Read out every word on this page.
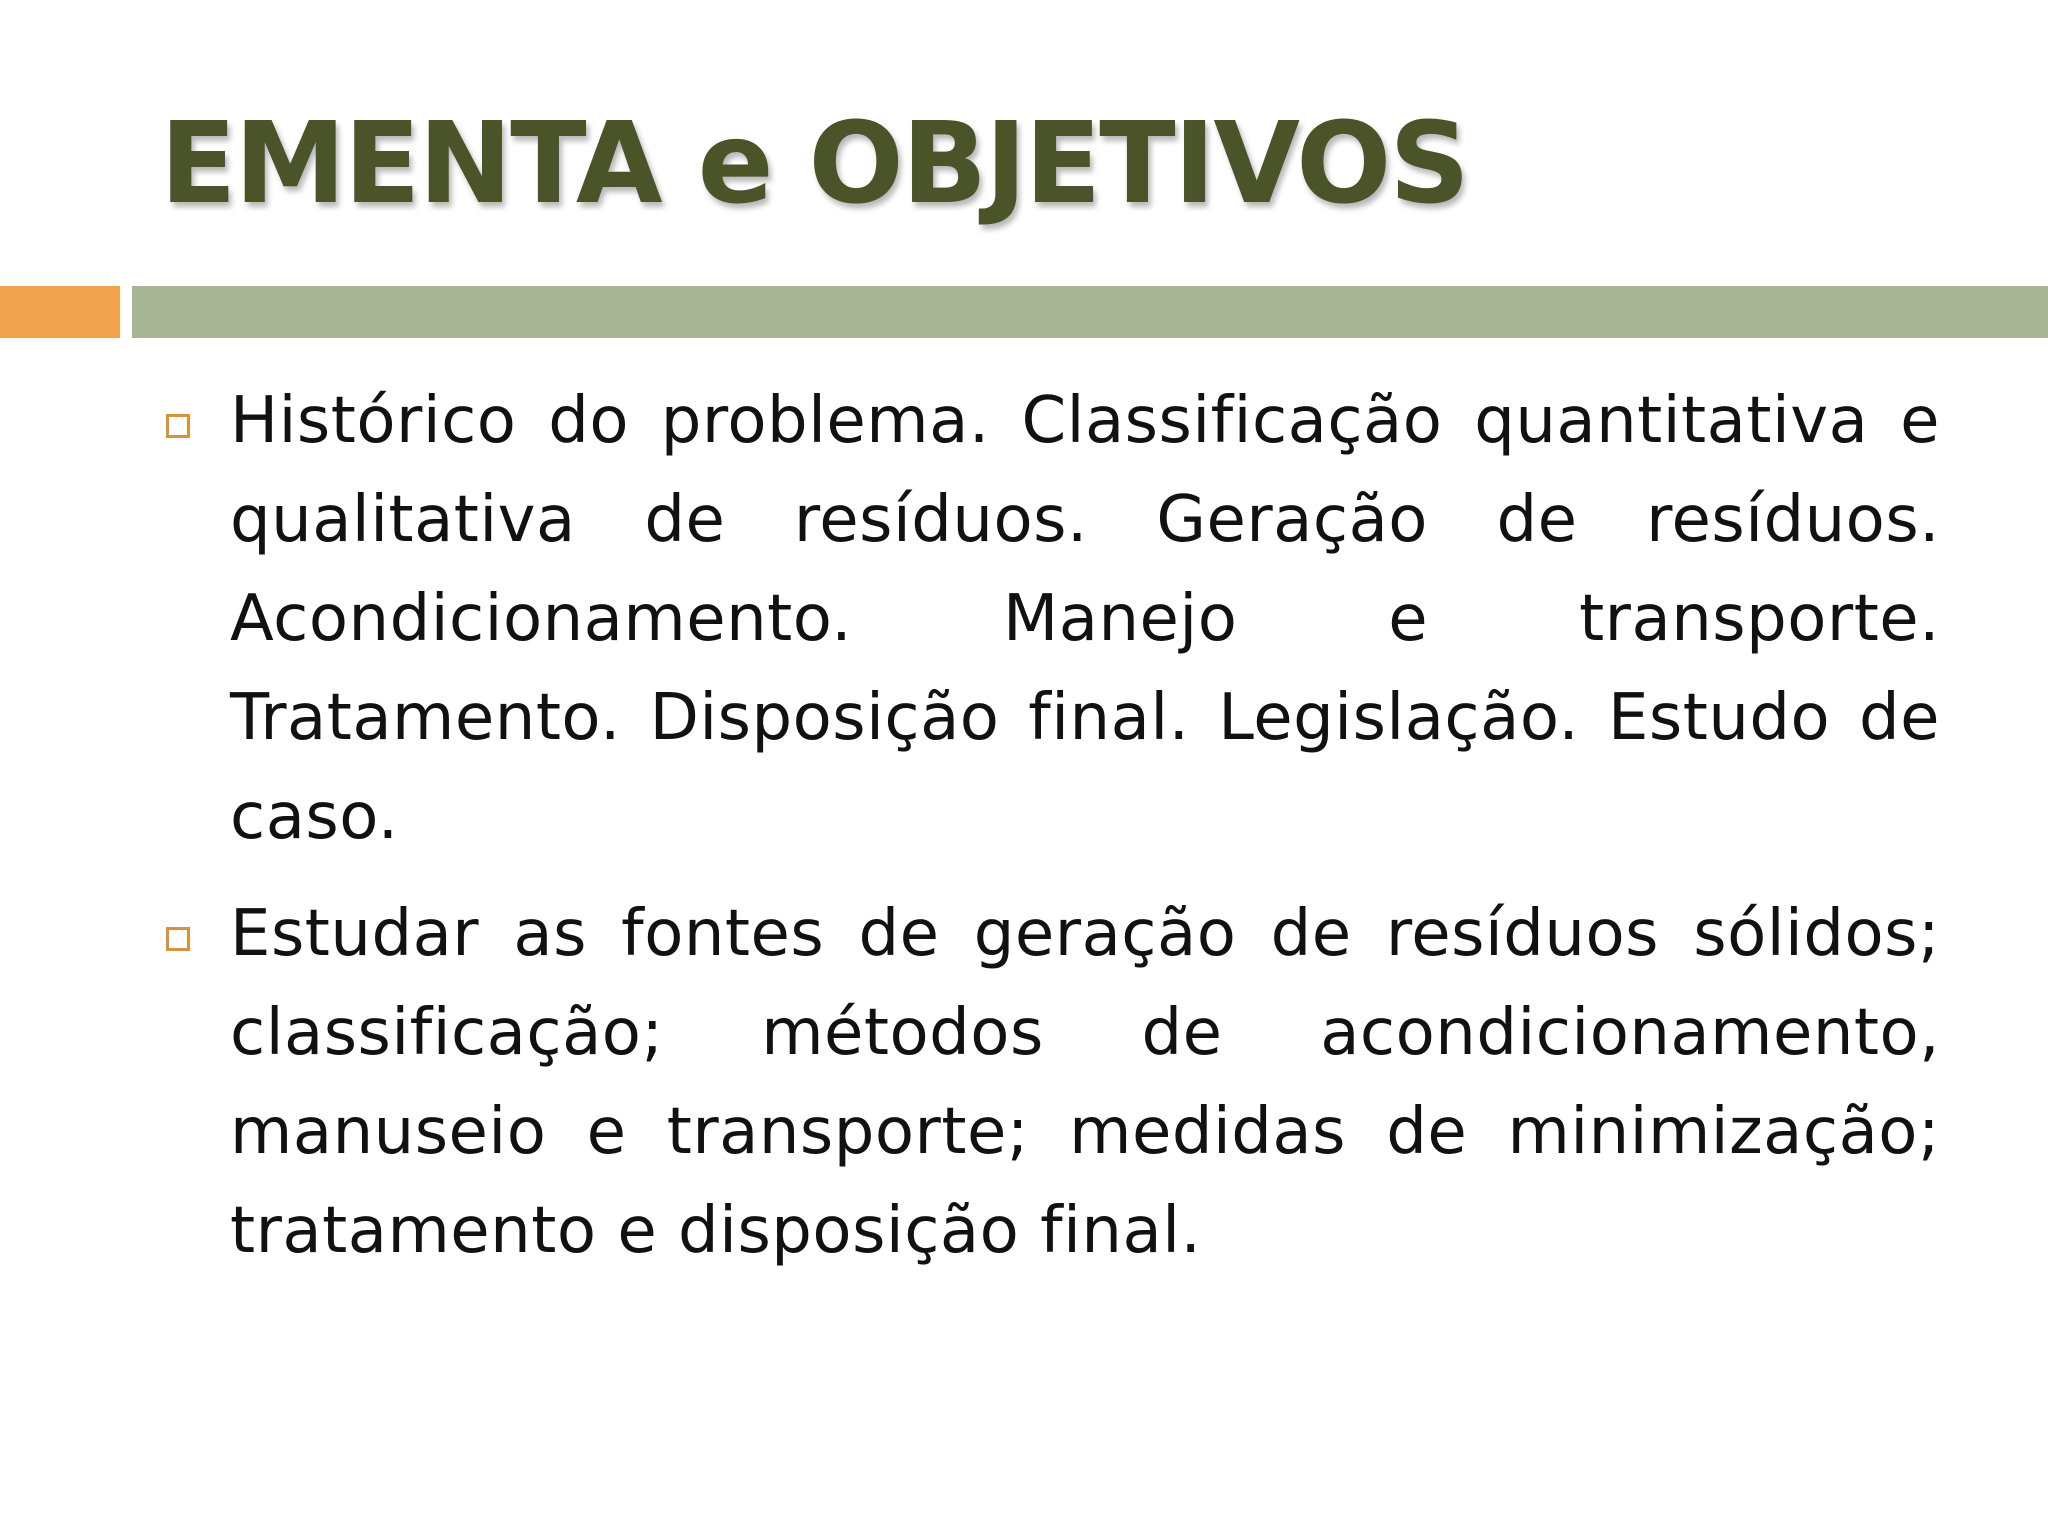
EMENTA e OBJETIVOS
Histórico do problema. Classificação quantitativa e qualitativa de resíduos. Geração de resíduos. Acondicionamento. Manejo e transporte. Tratamento. Disposição final. Legislação. Estudo de caso.
Estudar as fontes de geração de resíduos sólidos; classificação; métodos de acondicionamento, manuseio e transporte; medidas de minimização; tratamento e disposição final.
